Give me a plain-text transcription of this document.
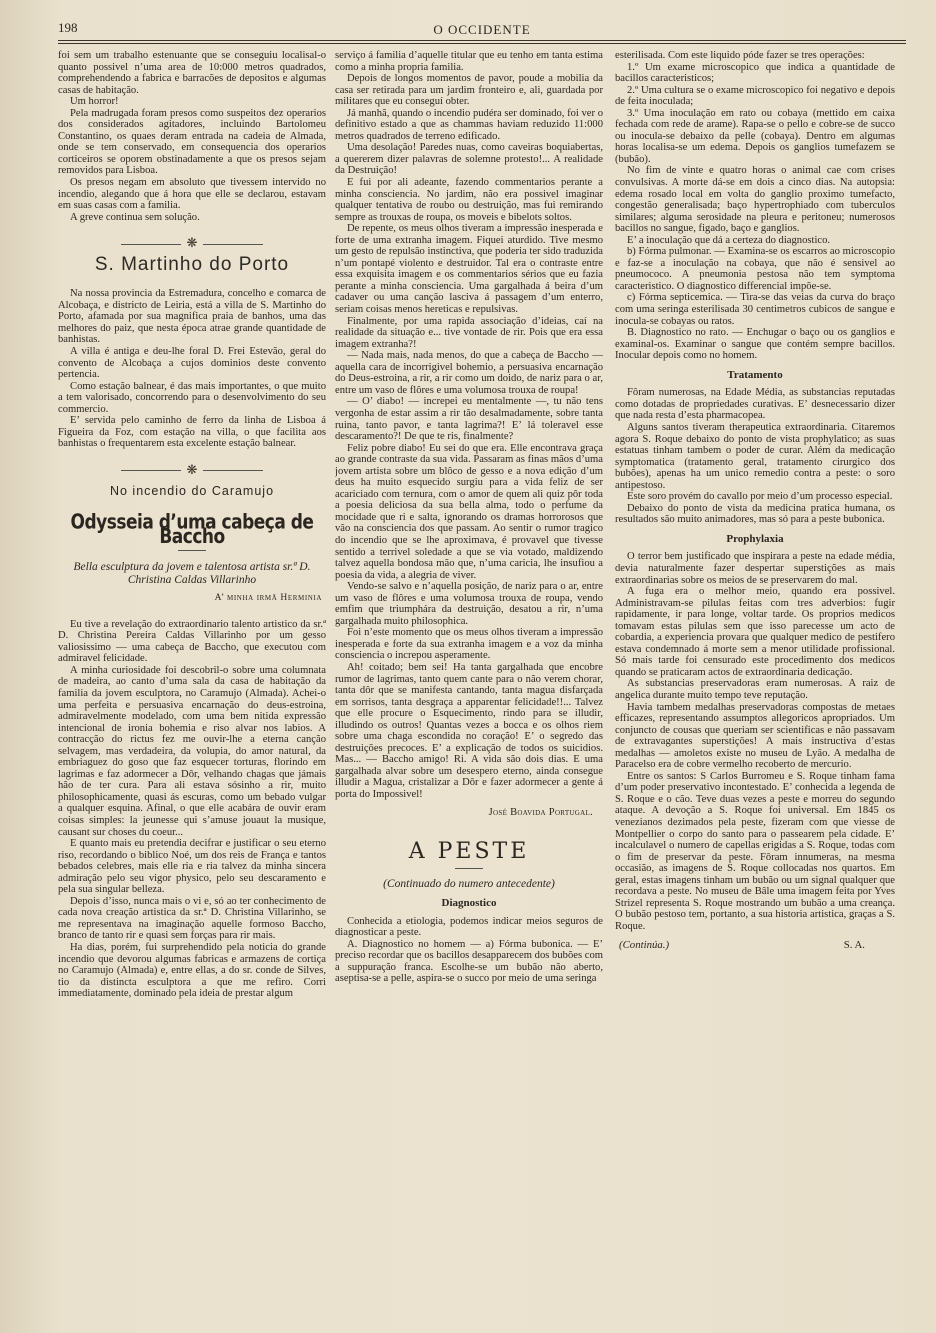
198	O OCCIDENTE

foi sem um trabalho estenuante que se conseguiu localisal-o quanto possivel n’uma area de 10:000 metros quadrados, comprehendendo a fabrica e barracões de depositos e algumas casas de habitação.

Um horror!

Pela madrugada foram presos como suspeitos dez operarios dos considerados agitadores, incluindo Bartolomeu Constantino, os quaes deram entrada na cadeia de Almada, onde se tem conservado, em consequencia dos operarios corticeiros se oporem obstinadamente a que os presos sejam removidos para Lisboa.

Os presos negam em absoluto que tivessem intervido no incendio, alegando que á hora que elle se declarou, estavam em suas casas com a familia.

A greve continua sem solução.

❋
S. Martinho do Porto

Na nossa provincia da Estremadura, concelho e comarca de Alcobaça, e districto de Leiria, está a villa de S. Martinho do Porto, afamada por sua magnifica praia de banhos, uma das melhores do paiz, que nesta época atrae grande quantidade de banhistas.

A villa é antiga e deu-lhe foral D. Frei Estevão, geral do convento de Alcobaça a cujos dominios deste convento pertencia.

Como estação balnear, é das mais importantes, o que muito a tem valorisado, concorrendo para o desenvolvimento do seu commercio.

E’ servida pelo caminho de ferro da linha de Lisboa á Figueira da Foz, com estação na villa, o que facilita aos banhistas o frequentarem esta excelente estação balnear.

❋
No incendio do Caramujo
Odysseia d’uma cabeça de Baccho
Bella esculptura da jovem e talentosa artista sr.ª D. Christina Caldas Villarinho
A’ minha irmã Herminia

Eu tive a revelação do extraordinario talento artistico da sr.ª D. Christina Pereira Caldas Villarinho por um gesso valiosissimo — uma cabeça de Baccho, que executou com admiravel felicidade.

A minha curiosidade foi descobril-o sobre uma columnata de madeira, ao canto d’uma sala da casa de habitação da familia da jovem esculptora, no Caramujo (Almada). Achei-o uma perfeita e persuasiva encarnação do deus-estroina, admiravelmente modelado, com uma bem nitida expressão intencional de ironia bohemia e riso alvar nos labios. A contracção do rictus fez me ouvir-lhe a eterna canção selvagem, mas verdadeira, da volupia, do amor natural, da embriaguez do goso que faz esquecer torturas, florindo em lagrimas e faz adormecer a Dôr, velhando chagas que jámais hão de ter cura. Para ali estava sósinho a rir, muito philosophicamente, quasi ás escuras, como um bebado vulgar a qualquer esquina. Afinal, o que elle acabára de ouvir eram coisas simples: la jeunesse qui s’amuse jouaut la musique, causant sur choses du coeur...

E quanto mais eu pretendia decifrar e justificar o seu eterno riso, recordando o biblico Noé, um dos reis de França e tantos bebados celebres, mais elle ria e ria talvez da minha sincera admiração pelo seu vigor physico, pelo seu descaramento e pela sua singular belleza.

Depois d’isso, nunca mais o vi e, só ao ter conhecimento de cada nova creação artistica da sr.ª D. Christina Villarinho, se me representava na imaginação aquelle formoso Baccho, branco de tanto rir e quasi sem forças para rir mais.

Ha dias, porém, fui surprehendido pela noticia do grande incendio que devorou algumas fabricas e armazens de cortiça no Caramujo (Almada) e, entre ellas, a do sr. conde de Silves, tio da distincta esculptora a que me refiro. Corri immediatamente, dominado pela ideia de prestar algum

serviço á familia d’aquelle titular que eu tenho em tanta estima como a minha propria familia.

Depois de longos momentos de pavor, poude a mobilia da casa ser retirada para um jardim fronteiro e, ali, guardada por militares que eu conseguí obter.

Já manhã, quando o incendio pudéra ser dominado, foi ver o definitivo estado a que as chammas haviam reduzido 11:000 metros quadrados de terreno edificado.

Uma desolação! Paredes nuas, como caveiras boquiabertas, a quererem dizer palavras de solemne protesto!... A realidade da Destruição!

E fui por ali adeante, fazendo commentarios perante a minha consciencia. No jardim, não era possivel imaginar qualquer tentativa de roubo ou destruição, mas fui remirando sempre as trouxas de roupa, os moveis e bibelots soltos.

De repente, os meus olhos tiveram a impressão inesperada e forte de uma extranha imagem. Fiquei aturdido. Tive mesmo um gesto de repulsão instinctiva, que poderia ter sido traduzida n’um pontapé violento e destruidor. Tal era o contraste entre essa exquisita imagem e os commentarios sérios que eu fazia perante a minha consciencia. Uma gargalhada á beira d’um cadaver ou uma canção lasciva á passagem d’um enterro, seriam coisas menos hereticas e repulsivas.

Finalmente, por uma rapida associação d’ideias, caí na realidade da situação e... tive vontade de rir. Pois que era essa imagem extranha?!

— Nada mais, nada menos, do que a cabeça de Baccho — aquella cara de incorrigivel bohemio, a persuasiva encarnação do Deus-estroina, a rir, a rir como um doido, de nariz para o ar, entre um vaso de flôres e uma volumosa trouxa de roupa!

— O’ diabo! — increpei eu mentalmente —, tu não tens vergonha de estar assim a rir tão desalmadamente, sobre tanta ruina, tanto pavor, e tanta lagrima?! E’ lá toleravel esse descaramento?! De que te ris, finalmente?

Feliz pobre diabo! Eu sei do que era. Elle encontrava graça ao grande contraste da sua vida. Passaram as finas mãos d’uma jovem artista sobre um blôco de gesso e a nova edição d’um deus ha muito esquecido surgiu para a vida feliz de ser acariciado com ternura, com o amor de quem ali quiz pôr toda a poesia deliciosa da sua bella alma, todo o perfume da mocidade que ri e salta, ignorando os dramas horrorosos que vão na consciencia dos que passam. Ao sentir o rumor tragico do incendio que se lhe aproximava, é provavel que tivesse sentido a terrivel soledade a que se via votado, maldizendo talvez aquella bondosa mão que, n’uma caricia, lhe insufiou a poesia da vida, a alegria de viver.

Vendo-se salvo e n’aquella posição, de nariz para o ar, entre um vaso de flôres e uma volumosa trouxa de roupa, vendo emfim que triumphára da destruição, desatou a rir, n’uma gargalhada muito philosophica.

Foi n’este momento que os meus olhos tiveram a impressão inesperada e forte da sua extranha imagem e a voz da minha consciencia o increpou asperamente.

Ah! coitado; bem sei! Ha tanta gargalhada que encobre rumor de lagrimas, tanto quem cante para o não verem chorar, tanta dôr que se manifesta cantando, tanta magua disfarçada em sorrisos, tanta desgraça a apparentar felicidade!!... Talvez que elle procure o Esquecimento, rindo para se illudir, illudindo os outros! Quantas vezes a bocca e os olhos riem sobre uma chaga escondida no coração! E’ o segredo das destruições precoces. E’ a explicação de todos os suicidios. Mas... — Baccho amigo! Ri. A vida são dois dias. E uma gargalhada alvar sobre um desespero eterno, ainda consegue illudir a Magua, cristalizar a Dôr e fazer adormecer a gente á porta do Impossivel!

José Boavida Portugal.
A PESTE
(Continuado do numero antecedente)
Diagnostico

Conhecida a etiologia, podemos indicar meios seguros de diagnosticar a peste.

A. Diagnostico no homem — a) Fórma bubonica. — E’ preciso recordar que os bacillos desapparecem dos bubões com a suppuração franca. Escolhe-se um bubão não aberto, aseptisa-se a pelle, aspira-se o succo por meio de uma seringa

esterilisada. Com este liquido póde fazer se tres operações:

1.º Um exame microscopico que indica a quantidade de bacillos caracteristicos;

2.º Uma cultura se o exame microscopico foi negativo e depois de feita inoculada;

3.º Uma inoculação em rato ou cobaya (mettido em caixa fechada com rede de arame). Rapa-se o pello e cobre-se de succo ou inocula-se debaixo da pelle (cobaya). Dentro em algumas horas localisa-se um edema. Depois os ganglios tumefazem se (bubão).

No fim de vinte e quatro horas o animal cae com crises convulsivas. A morte dá-se em dois a cinco dias. Na autopsia: edema rosado local em volta do ganglio proximo tumefacto, congestão generalisada; baço hypertrophiado com tuberculos similares; alguma serosidade na pleura e peritoneu; numerosos bacillos no sangue, figado, baço e ganglios.

E’ a inoculação que dá a certeza do diagnostico.

b) Fórma pulmonar. — Examina-se os escarros ao microscopio e faz-se a inoculação na cobaya, que não é sensivel ao pneumococo. A pneumonia pestosa não tem symptoma caracteristico. O diagnostico differencial impõe-se.

c) Fórma septicemica. — Tira-se das veias da curva do braço com uma seringa esterilisada 30 centimetros cubicos de sangue e inocula-se cobayas ou ratos.

B. Diagnostico no rato. — Enchugar o baço ou os ganglios e examinal-os. Examinar o sangue que contém sempre bacillos. Inocular depois como no homem.

Tratamento

Fôram numerosas, na Edade Média, as substancias reputadas como dotadas de propriedades curativas. E’ desnecessario dizer que nada resta d’esta pharmacopea.

Alguns santos tiveram therapeutica extraordinaria. Citaremos agora S. Roque debaixo do ponto de vista prophylatico; as suas estatuas tinham tambem o poder de curar. Além da medicação symptomatica (tratamento geral, tratamento cirurgico dos bubões), apenas ha um unico remedio contra a peste: o soro antipestoso.

Este soro provém do cavallo por meio d’um processo especial.

Debaixo do ponto de vista da medicina pratica humana, os resultados são muito animadores, mas só para a peste bubonica.

Prophylaxia

O terror bem justificado que inspirara a peste na edade média, devia naturalmente fazer despertar superstições as mais extraordinarias sobre os meios de se preservarem do mal.

A fuga era o melhor meio, quando era possivel. Administravam-se pilulas feitas com tres adverbios: fugir rapidamente, ir para longe, voltar tarde. Os proprios medicos tomavam estas pilulas sem que isso parecesse um acto de cobardia, a experiencia provara que qualquer medico de pestifero estava condemnado á morte sem a menor utilidade profissional. Só mais tarde foi censurado este procedimento dos medicos quando se praticaram actos de extraordinaria dedicação.

As substancias preservadoras eram numerosas. A raiz de angelica durante muito tempo teve reputação.

Havia tambem medalhas preservadoras compostas de metaes efficazes, representando assumptos allegoricos apropriados. Um conjuncto de cousas que queriam ser scientificas e não passavam de extravagantes superstições! A mais instructiva d’estas medalhas — amoletos existe no museu de Lyão. A medalha de Paracelso era de cobre vermelho recoberto de mercurio.

Entre os santos: S Carlos Burromeu e S. Roque tinham fama d’um poder preservativo incontestado. E’ conhecida a legenda de S. Roque e o cão. Teve duas vezes a peste e morreu do segundo ataque. A devoção a S. Roque foi universal. Em 1845 os venezianos dezimados pela peste, fizeram com que viesse de Montpellier o corpo do santo para o passearem pela cidade. E’ incalculavel o numero de capellas erigidas a S. Roque, todas com o fim de preservar da peste. Fôram innumeras, na mesma occasião, as imagens de S. Roque collocadas nos quartos. Em geral, estas imagens tinham um bubão ou um signal qualquer que recordava a peste. No museu de Bâle uma imagem feita por Yves Strizel representa S. Roque mostrando um bubão a uma creança. O bubão pestoso tem, portanto, a sua historia artistica, graças a S. Roque.

(Continúa.)	S. A.
